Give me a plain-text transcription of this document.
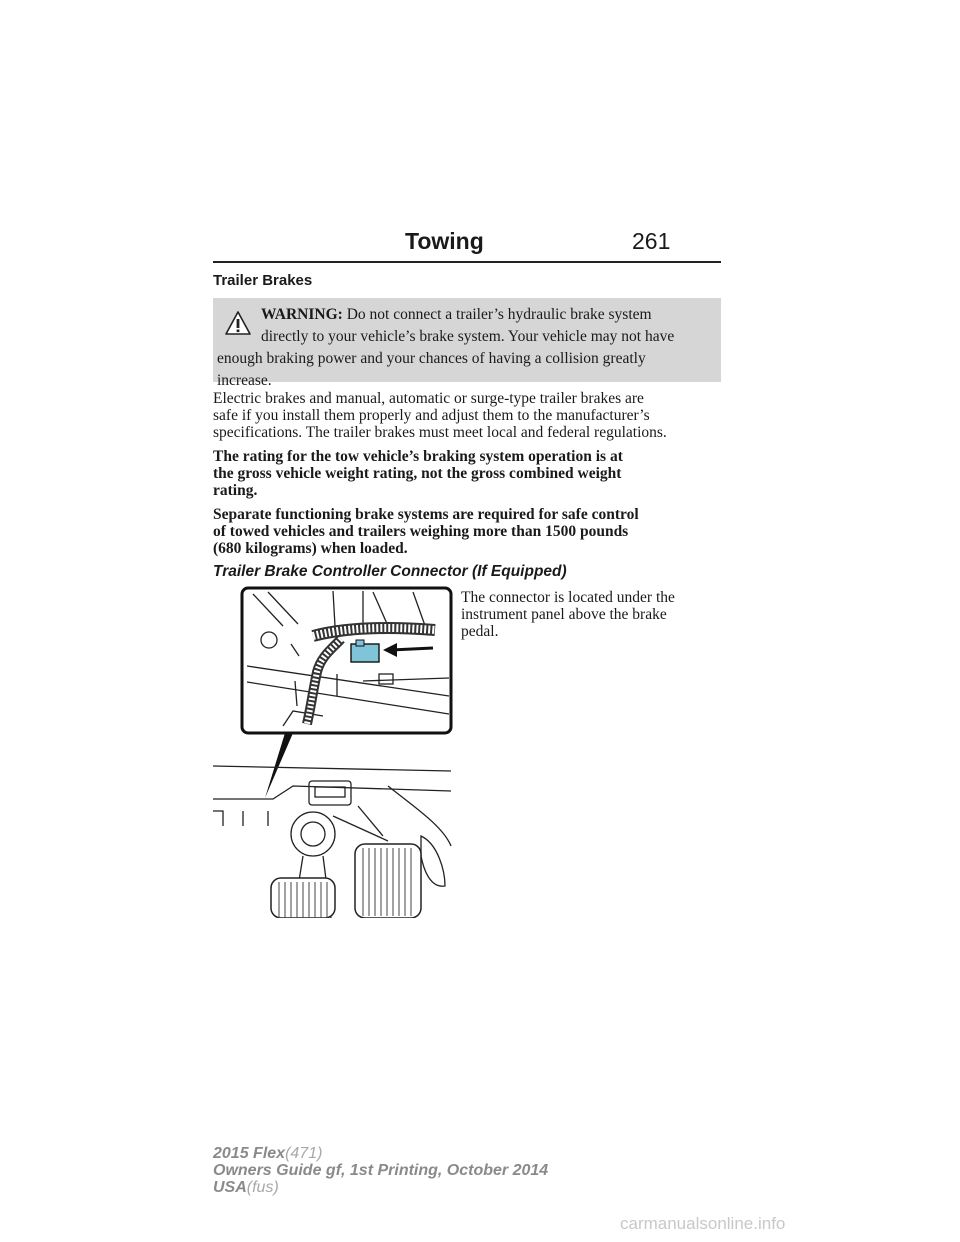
Towing	261
Trailer Brakes
WARNING: Do not connect a trailer’s hydraulic brake system
directly to your vehicle’s brake system. Your vehicle may not have
enough braking power and your chances of having a collision greatly
increase.
Electric brakes and manual, automatic or surge-type trailer brakes are
safe if you install them properly and adjust them to the manufacturer’s
specifications. The trailer brakes must meet local and federal regulations.
The rating for the tow vehicle’s braking system operation is at
the gross vehicle weight rating, not the gross combined weight
rating.
Separate functioning brake systems are required for safe control
of towed vehicles and trailers weighing more than 1500 pounds
(680 kilograms) when loaded.
Trailer Brake Controller Connector (If Equipped)
The connector is located under the
instrument panel above the brake
pedal.
2015 Flex(471)
Owners Guide gf, 1st Printing, October 2014
USA(fus)
carmanualsonline.info
